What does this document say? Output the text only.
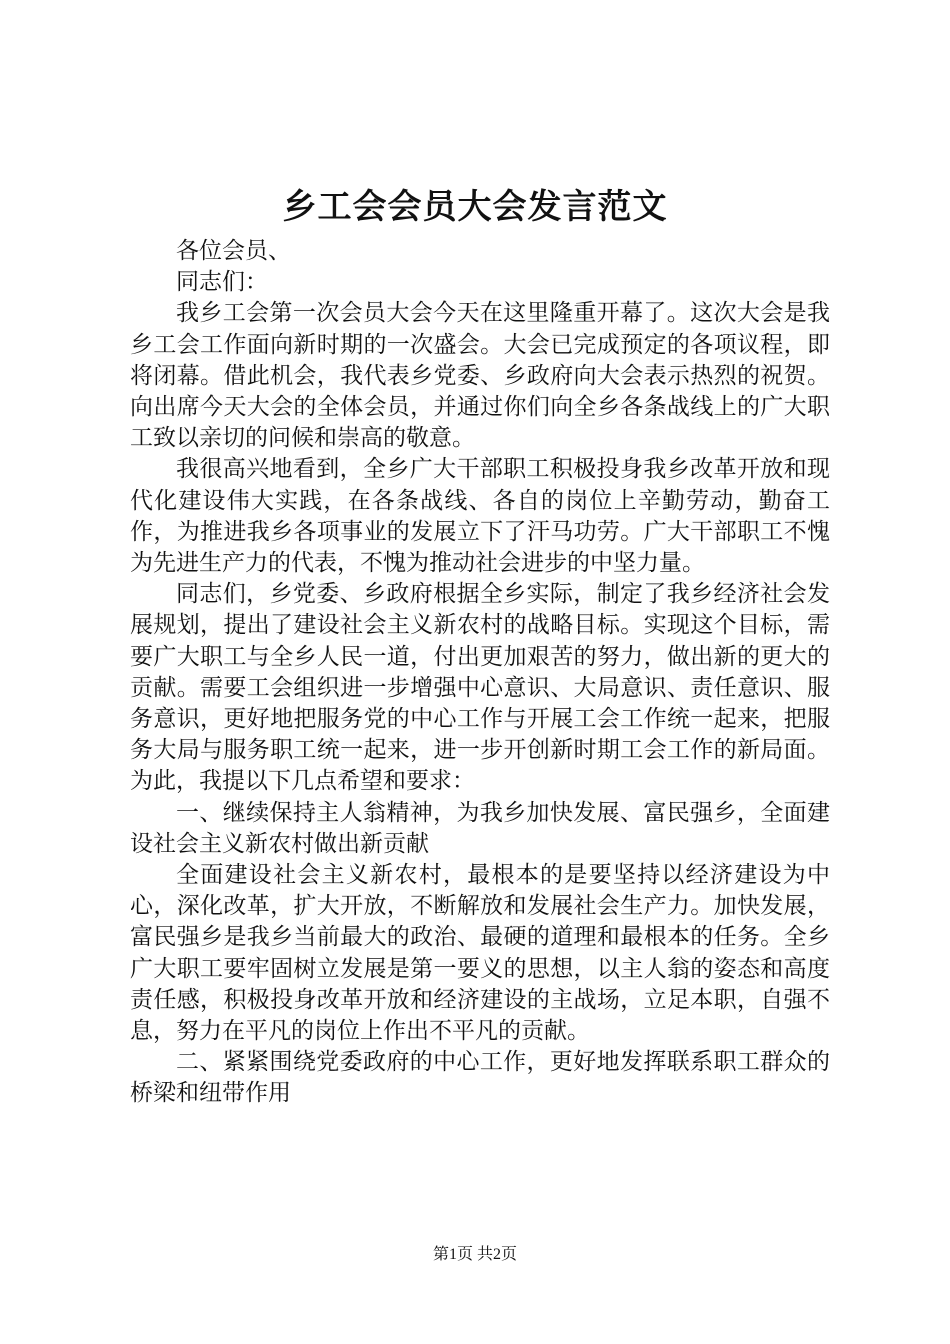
乡工会会员大会发言范文

各位会员、

同志们：

我乡工会第一次会员大会今天在这里隆重开幕了。这次大会是我乡工会工作面向新时期的一次盛会。大会已完成预定的各项议程，即将闭幕。借此机会，我代表乡党委、乡政府向大会表示热烈的祝贺。向出席今天大会的全体会员，并通过你们向全乡各条战线上的广大职工致以亲切的问候和崇高的敬意。

我很高兴地看到，全乡广大干部职工积极投身我乡改革开放和现代化建设伟大实践，在各条战线、各自的岗位上辛勤劳动，勤奋工作，为推进我乡各项事业的发展立下了汗马功劳。广大干部职工不愧为先进生产力的代表，不愧为推动社会进步的中坚力量。

同志们，乡党委、乡政府根据全乡实际，制定了我乡经济社会发展规划，提出了建设社会主义新农村的战略目标。实现这个目标，需要广大职工与全乡人民一道，付出更加艰苦的努力，做出新的更大的贡献。需要工会组织进一步增强中心意识、大局意识、责任意识、服务意识，更好地把服务党的中心工作与开展工会工作统一起来，把服务大局与服务职工统一起来，进一步开创新时期工会工作的新局面。为此，我提以下几点希望和要求：

一、继续保持主人翁精神，为我乡加快发展、富民强乡，全面建设社会主义新农村做出新贡献

全面建设社会主义新农村，最根本的是要坚持以经济建设为中心，深化改革，扩大开放，不断解放和发展社会生产力。加快发展，富民强乡是我乡当前最大的政治、最硬的道理和最根本的任务。全乡广大职工要牢固树立发展是第一要义的思想，以主人翁的姿态和高度责任感，积极投身改革开放和经济建设的主战场，立足本职，自强不息，努力在平凡的岗位上作出不平凡的贡献。

二、紧紧围绕党委政府的中心工作，更好地发挥联系职工群众的桥梁和纽带作用

第1页 共2页
